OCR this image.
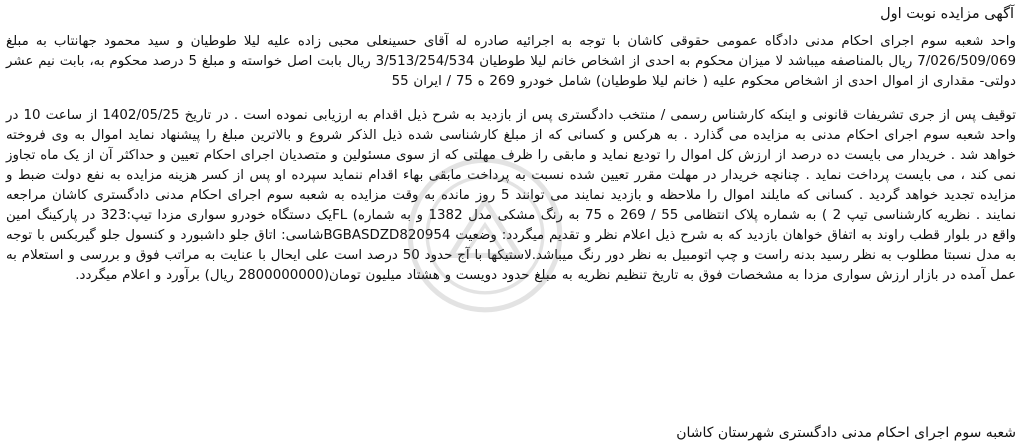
آگهی مزایده نوبت اول

واحد شعبه سوم اجرای احکام مدنی دادگاه عمومی حقوقی کاشان با توجه به اجرائیه صادره له آقای حسینعلی محبی زاده علیه لیلا طوطیان و سید محمود جهانتاب به مبلغ 7/026/509/069 ریال بالمناصفه میباشد لا میزان محکوم به احدی از اشخاص خانم لیلا طوطیان 3/513/254/534 ریال بابت اصل خواسته و مبلغ 5 درصد محکوم به، بابت نیم عشر دولتی- مقداری از اموال احدی از اشخاص محکوم علیه ( خانم لیلا طوطیان) شامل خودرو 269 ه 75 / ایران 55

توقیف پس از جری تشریفات قانونی و اینکه کارشناس رسمی / منتخب دادگستری پس از بازدید به شرح ذیل اقدام به ارزیابی نموده است . در تاریخ 1402/05/25 از ساعت 10 در واحد شعبه سوم اجرای احکام مدنی به مزایده می گذارد . به هرکس و کسانی که از مبلغ کارشناسی شده ذیل الذکر شروع و بالاترین مبلغ را پیشنهاد نماید اموال به وی فروخته خواهد شد . خریدار می بایست ده درصد از ارزش کل اموال را تودیع نماید و مابقی را ظرف مهلتی که از سوی مسئولین و متصدیان اجرای احکام تعیین و حداکثر آن از یک ماه تجاوز نمی کند ، می بایست پرداخت نماید . چنانچه خریدار در مهلت مقرر تعیین شده نسبت به پرداخت مابقی بهاء اقدام ننماید سپرده او پس از کسر هزینه مزایده به نفع دولت ضبط و مزایده تجدید خواهد گردید . کسانی که مایلند اموال را ملاحظه و بازدید نمایند می توانند 5 روز مانده به وقت مزایده به شعبه سوم اجرای احکام مدنی دادگستری کاشان مراجعه نمایند . نظریه کارشناسی تیپ 2 ) به شماره پلاک انتظامی 55 / 269 ه 75 به رنگ مشکی مدل 1382 و به شماره) FLیک دستگاه خودرو سواری مزدا تیپ:323 در پارکینگ امین واقع در بلوار قطب راوند به اتفاق خواهان بازدید که به شرح ذیل اعلام نظر و تقدیم میگردد: وضعیت BGBASDZD820954شاسی: اتاق جلو داشبورد و کنسول جلو گیربکس با توجه به مدل نسبتا مطلوب به نظر رسید بدنه راست و چپ اتومبیل به نظر دور رنگ میباشد.لاستیکها با آج حدود 50 درصد است علی ایحال با عنایت به مراتب فوق و بررسی و استعلام به عمل آمده در بازار ارزش سواری مزدا به مشخصات فوق به تاریخ تنظیم نظریه به مبلغ حدود دویست و هشتاد میلیون تومان(2800000000 ریال) برآورد و اعلام میگردد.

شعبه سوم اجرای احکام مدنی دادگستری شهرستان کاشان
